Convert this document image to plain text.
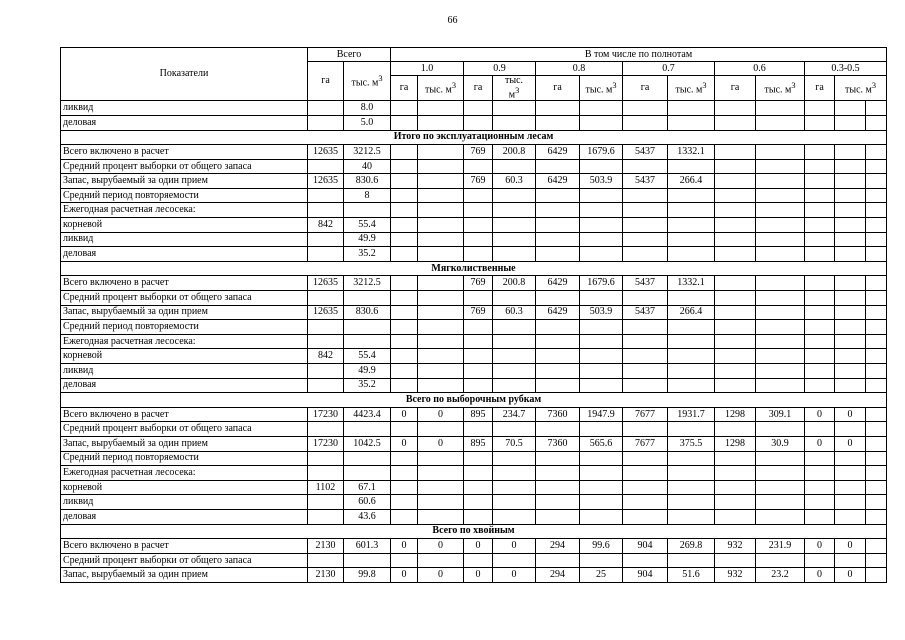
66
Показатели	Всего		В том числе по полнотам												
	га	тыс. $м^3$	1.0		0.9		0.8		0.7		0.6		0.3-0.5		
			га	тыс. $м^3$	га	тыс.
$м^3$	га	тыс. $м^3$	га	тыс. $м^3$	га	тыс. $м^3$	га	тыс. $м^3$
ликвид		8.0													
деловая		5.0													
Итого по эксплуатационным лесам															
Всего включено в расчет	12635	3212.5			769	200.8	6429	1679.6	5437	1332.1					
Средний процент выборки от общего запаса		40													
Запас, вырубаемый за один прием	12635	830.6			769	60.3	6429	503.9	5437	266.4					
Средний период повторяемости		8													
Ежегодная расчетная лесосека:															
корневой	842	55.4													
ликвид		49.9													
деловая		35.2													
Мягколиственные															
Всего включено в расчет	12635	3212.5			769	200.8	6429	1679.6	5437	1332.1					
Средний процент выборки от общего запаса															
Запас, вырубаемый за один прием	12635	830.6			769	60.3	6429	503.9	5437	266.4					
Средний период повторяемости															
Ежегодная расчетная лесосека:															
корневой	842	55.4													
ликвид		49.9													
деловая		35.2													
Всего по выборочным рубкам															
Всего включено в расчет	17230	4423.4	0	0	895	234.7	7360	1947.9	7677	1931.7	1298	309.1	0	0	
Средний процент выборки от общего запаса															
Запас, вырубаемый за один прием	17230	1042.5	0	0	895	70.5	7360	565.6	7677	375.5	1298	30.9	0	0	
Средний период повторяемости															
Ежегодная расчетная лесосека:															
корневой	1102	67.1													
ликвид		60.6													
деловая		43.6													
Всего по хвойным															
Всего включено в расчет	2130	601.3	0	0	0	0	294	99.6	904	269.8	932	231.9	0	0	
Средний процент выборки от общего запаса															
Запас, вырубаемый за один прием	2130	99.8	0	0	0	0	294	25	904	51.6	932	23.2	0	0	
